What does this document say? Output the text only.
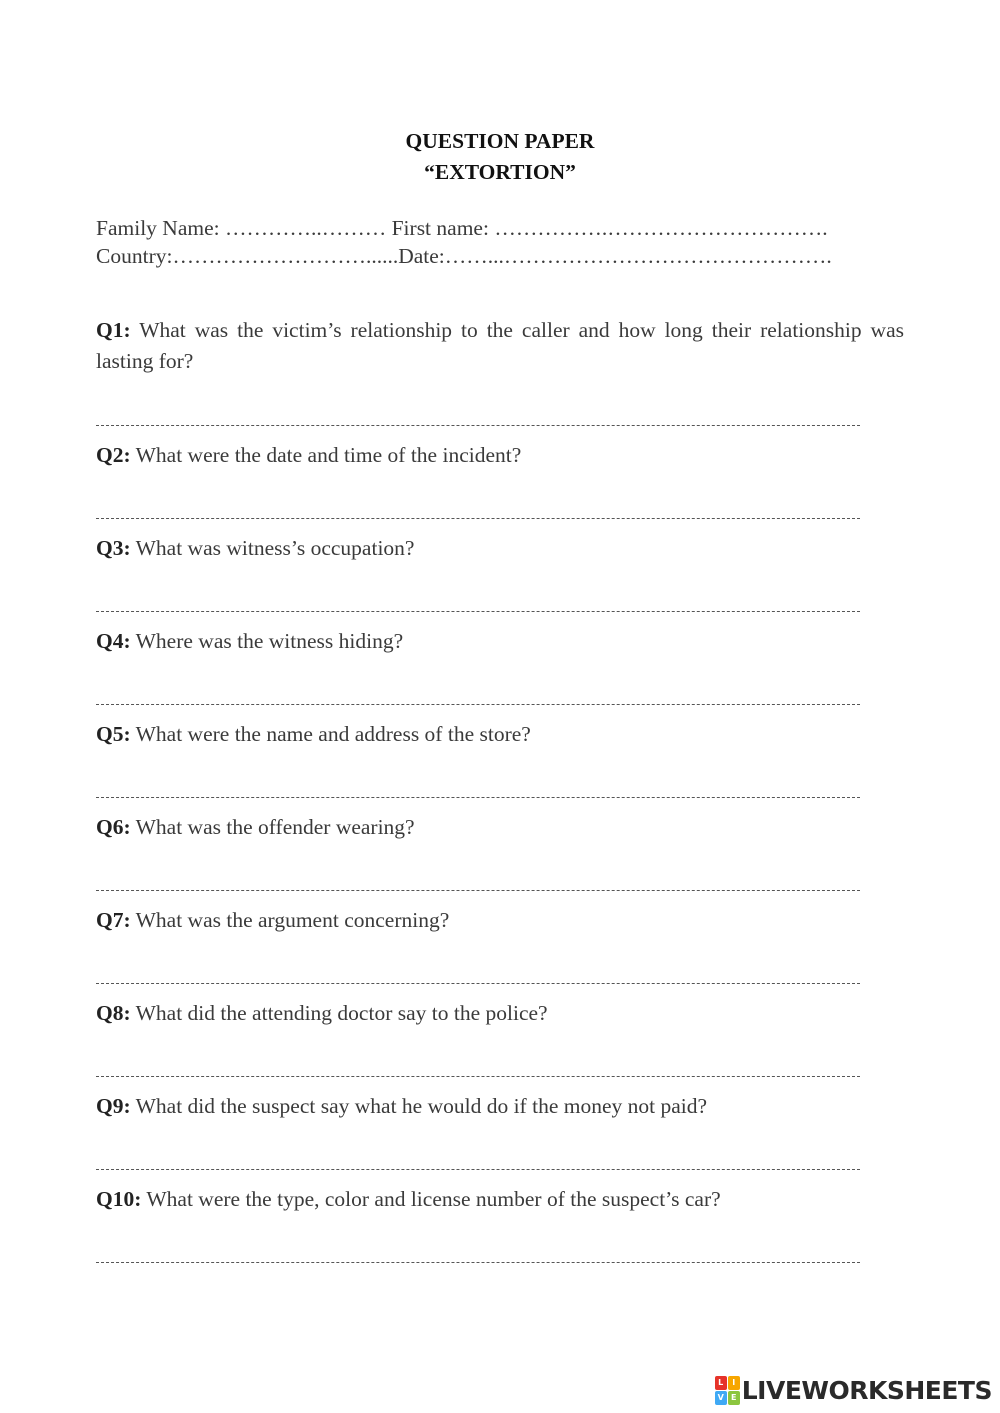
QUESTION PAPER
“EXTORTION”
Family Name: …………..……… First name: …………….………………………….
Country:………………………......Date:……...……………………………………….
Q1: What was the victim’s relationship to the caller and how long their relationship was lasting for?
Q2: What were the date and time of the incident?
Q3: What was witness’s occupation?
Q4: Where was the witness hiding?
Q5: What were the name and address of the store?
Q6: What was the offender wearing?
Q7: What was the argument concerning?
Q8: What did the attending doctor say to the police?
Q9: What did the suspect say what he would do if the money not paid?
Q10: What were the type, color and license number of the suspect’s car?
L	I
V E LIVEWORKSHEETS
